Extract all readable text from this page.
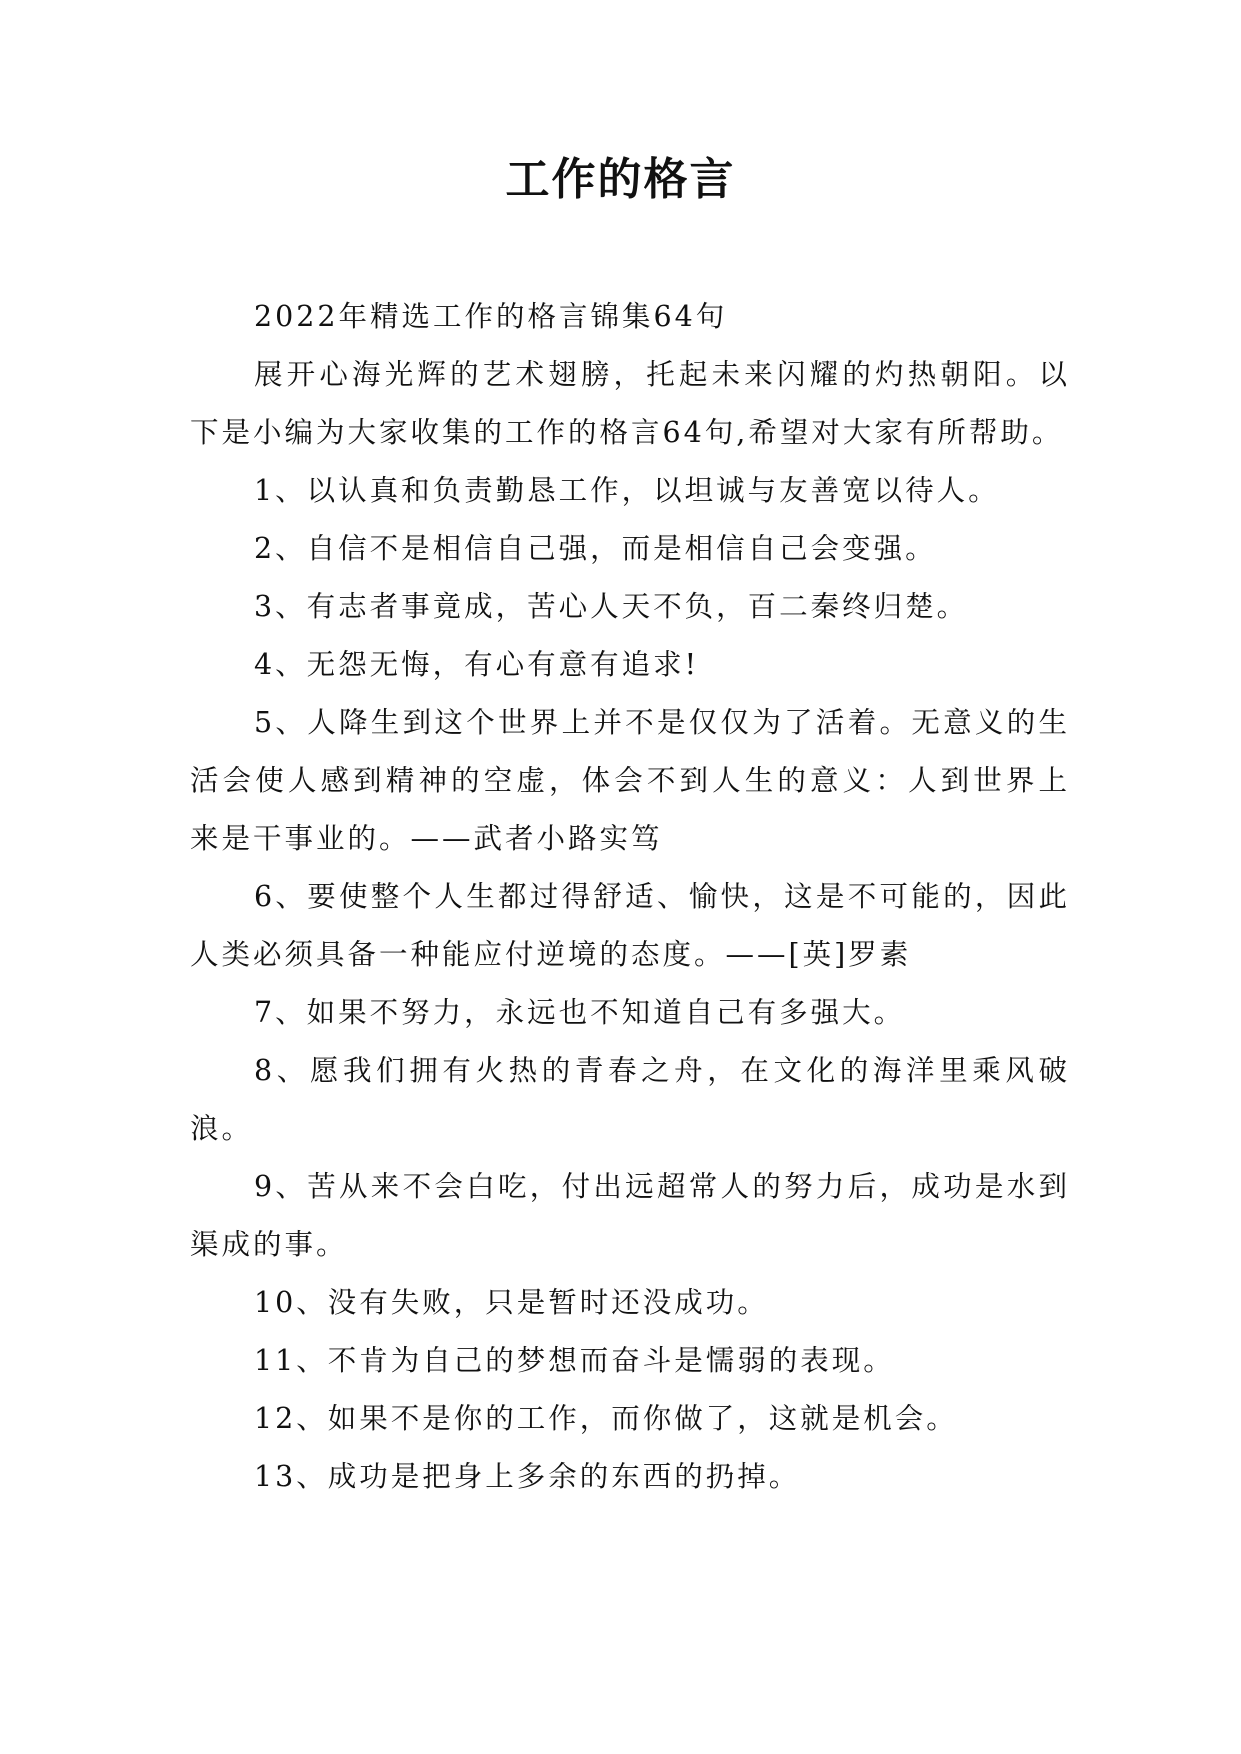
工作的格言

2022年精选工作的格言锦集64句

展开心海光辉的艺术翅膀，托起未来闪耀的灼热朝阳。以下是小编为大家收集的工作的格言64句,希望对大家有所帮助。

1、以认真和负责勤恳工作，以坦诚与友善宽以待人。

2、自信不是相信自己强，而是相信自己会变强。

3、有志者事竟成，苦心人天不负，百二秦终归楚。

4、无怨无悔，有心有意有追求!

5、人降生到这个世界上并不是仅仅为了活着。无意义的生活会使人感到精神的空虚，体会不到人生的意义：人到世界上来是干事业的。——武者小路实笃

6、要使整个人生都过得舒适、愉快，这是不可能的，因此人类必须具备一种能应付逆境的态度。——[英]罗素

7、如果不努力，永远也不知道自己有多强大。

8、愿我们拥有火热的青春之舟，在文化的海洋里乘风破浪。

9、苦从来不会白吃，付出远超常人的努力后，成功是水到渠成的事。

10、没有失败，只是暂时还没成功。

11、不肯为自己的梦想而奋斗是懦弱的表现。

12、如果不是你的工作，而你做了，这就是机会。

13、成功是把身上多余的东西的扔掉。
